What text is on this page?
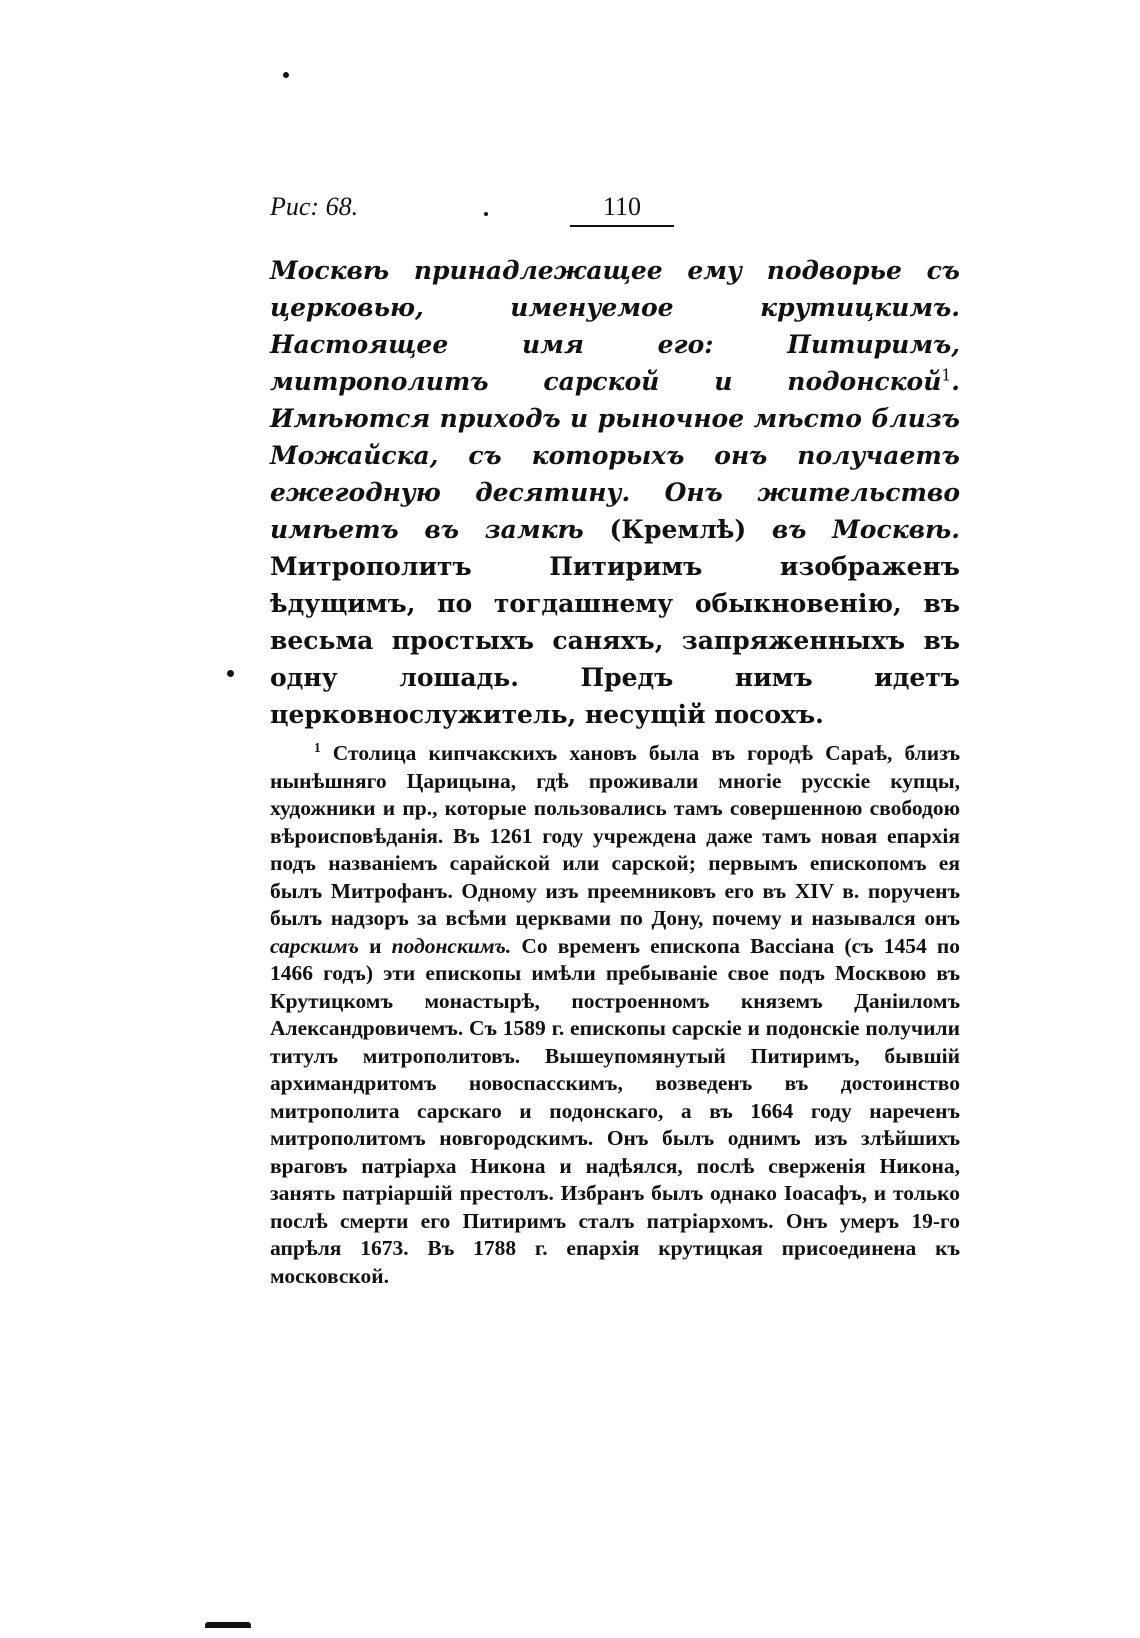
Рис: 68.	110

Москвѣ принадлежащее ему подворье съ церковью, именуемое крутицкимъ. Настоящее имя его: Питиримъ, митрополитъ сарской и подонской$^1$. Имѣются приходъ и рыночное мѣсто близъ Можайска, съ которыхъ онъ получаетъ ежегодную десятину. Онъ жительство имѣетъ въ замкѣ (Кремлѣ) въ Москвѣ. Митрополитъ Питиримъ изображенъ ѣдущимъ, по тогдашнему обыкновенію, въ весьма простыхъ саняхъ, запряженныхъ въ одну лошадь. Предъ нимъ идетъ церковнослужитель, несущій посохъ.

$^1$ Столица кипчакскихъ хановъ была въ городѣ Сараѣ, близъ нынѣшняго Царицына, гдѣ проживали многіе русскіе купцы, художники и пр., которые пользовались тамъ совершенною свободою вѣроисповѣданія. Въ 1261 году учреждена даже тамъ новая епархія подъ названіемъ сарайской или сарской; первымъ епископомъ ея былъ Митрофанъ. Одному изъ преемниковъ его въ XIV в. порученъ былъ надзоръ за всѣми церквами по Дону, почему и назывался онъ сарскимъ и подонскимъ. Со временъ епископа Вассіана (съ 1454 по 1466 годъ) эти епископы имѣли пребываніе свое подъ Москвою въ Крутицкомъ монастырѣ, построенномъ княземъ Даніиломъ Александровичемъ. Съ 1589 г. епископы сарскіе и подонскіе получили титулъ митрополитовъ. Вышеупомянутый Питиримъ, бывшій архимандритомъ новоспасскимъ, возведенъ въ достоинство митрополита сарскаго и подонскаго, а въ 1664 году нареченъ митрополитомъ новгородскимъ. Онъ былъ однимъ изъ злѣйшихъ враговъ патріарха Никона и надѣялся, послѣ сверженія Никона, занять патріаршій престолъ. Избранъ былъ однако Іоасафъ, и только послѣ смерти его Питиримъ сталъ патріархомъ. Онъ умеръ 19-го апрѣля 1673. Въ 1788 г. епархія крутицкая присоединена къ московской.
